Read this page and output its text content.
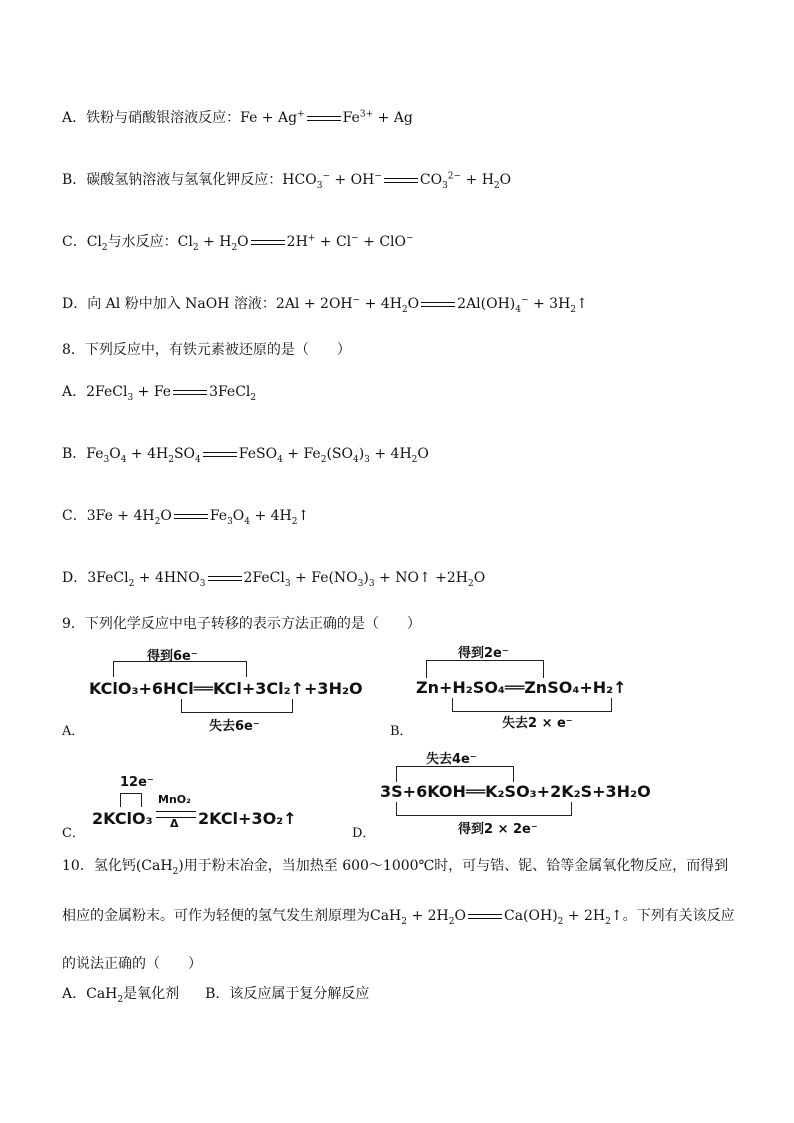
A．铁粉与硝酸银溶液反应：Fe + Ag+	$Fe^{3+} + Ag$
B．碳酸氢钠溶液与氢氧化钾反应：$HCO_3^- + OH^-$	$CO_3^{2-} + H_2O$
C．$Cl_2$与水反应：$Cl_2 + H_2O$	2H+ + Cl− + ClO−
D．向 Al 粉中加入 NaOH 溶液：$2Al + 2OH^- + 4H_2O$	$2Al(OH)_4^-$ + $3H_2↑$
8．下列反应中，有铁元素被还原的是（　　）
A．2FeCl$_3$ + Fe	3FeCl$_2$
B．$Fe_3O_4 + 4H_2SO_4$	FeSO$_4$ + $Fe_2(SO_4)_3 + 4H_2O$
C．$3Fe + 4H_2O$	$Fe_3O_4$ + $4H_2↑$
D．3FeCl$_2$ + $4HNO_3$	2FeCl$_3$ + $Fe(NO_3)_3$ + NO↑ $+2H_2O$
9．下列化学反应中电子转移的表示方法正确的是（　　）
得到6e⁻
KClO₃+6HCl══KCl+3Cl₂↑+3H₂O
失去6e⁻
A．
得到2e⁻
Zn+H₂SO₄══ZnSO₄+H₂↑
失去2 × e⁻
B．
12e⁻
2KClO₃
MnO₂
Δ 2KCl+3O₂↑
C．
失去4e⁻
3S+6KOH══K₂SO₃+2K₂S+3H₂O
得到2 × 2e⁻
D．
10．氢化钙(CaH$_2$)用于粉末冶金，当加热至 600～1000℃时，可与锆、铌、铪等金属氧化物反应，而得到
相应的金属粉末。可作为轻便的氢气发生剂原理为$CaH_2 + 2H_2O$	$Ca(OH)_2$ + $2H_2↑$。下列有关该反应
的说法正确的（　　）
A．CaH$_2$是氧化剂 B．该反应属于复分解反应
